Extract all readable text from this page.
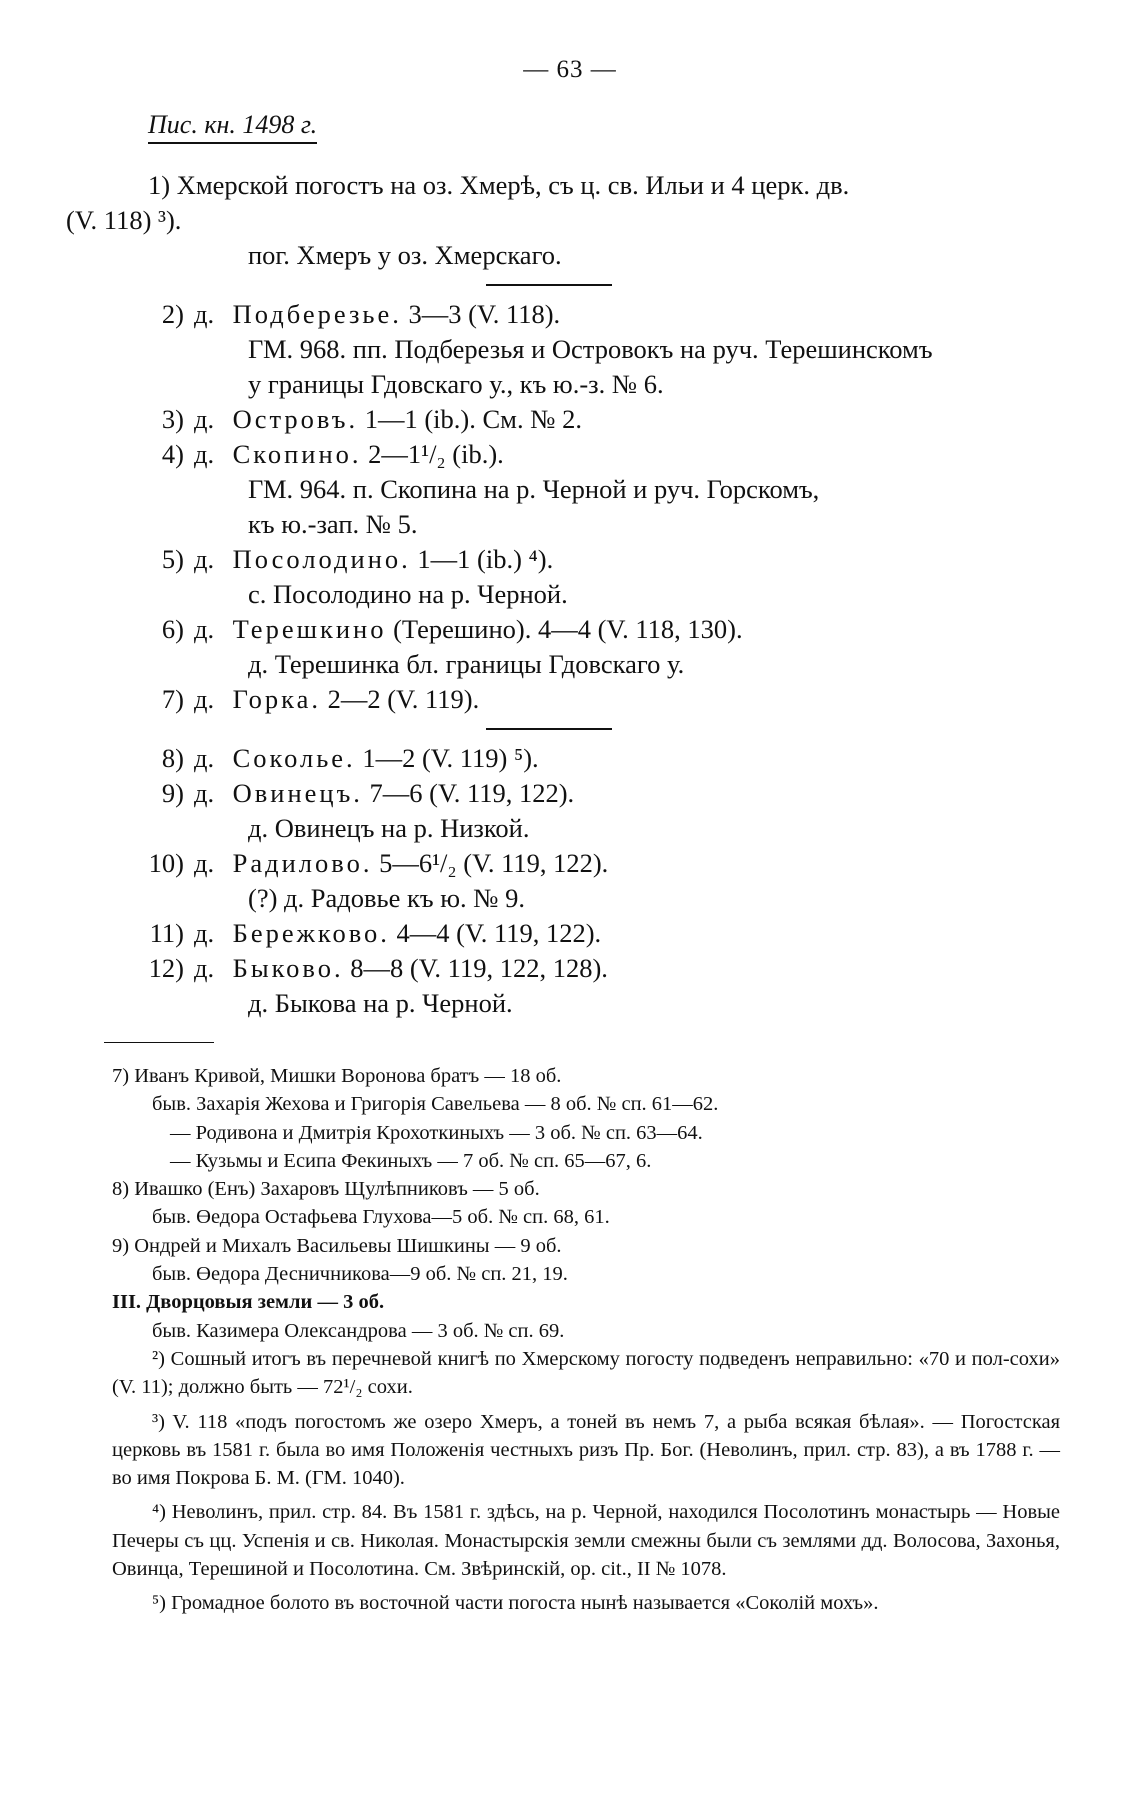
— 63 —
Пис. кн. 1498 г.
1) Хмерской погостъ на оз. Хмерѣ, съ ц. св. Ильи и 4 церк. дв.
(V. 118) ³).
пог. Хмеръ у оз. Хмерскаго.
2) д. Подберезье. 3—3 (V. 118).
ГМ. 968. пп. Подберезья и Островокъ на руч. Терешинскомъ
у границы Гдовскаго у., къ ю.-з. № 6.
3) д. Островъ. 1—1 (ib.). См. № 2.
4) д. Скопино. 2—1¹/₂ (ib.).
ГМ. 964. п. Скопина на р. Черной и руч. Горскомъ,
къ ю.-зап. № 5.
5) д. Посолодино. 1—1 (ib.) ⁴).
с. Посолодино на р. Черной.
6) д. Терешкино (Терешино). 4—4 (V. 118, 130).
д. Терешинка бл. границы Гдовскаго у.
7) д. Горка. 2—2 (V. 119).
8) д. Соколье. 1—2 (V. 119) ⁵).
9) д. Овинецъ. 7—6 (V. 119, 122).
д. Овинецъ на р. Низкой.
10) д. Радилово. 5—6¹/₂ (V. 119, 122).
(?) д. Радовье къ ю. № 9.
11) д. Бережково. 4—4 (V. 119, 122).
12) д. Быково. 8—8 (V. 119, 122, 128).
д. Быкова на р. Черной.
7) Иванъ Кривой, Мишки Воронова братъ — 18 об.
быв. Захарія Жехова и Григорія Савельева — 8 об. № сп. 61—62.
— Родивона и Дмитрія Крохоткиныхъ — 3 об. № сп. 63—64.
— Кузьмы и Есипа Фекиныхъ — 7 об. № сп. 65—67, 6.
8) Ивашко (Енъ) Захаровъ Щулѣпниковъ — 5 об.
быв. Өедора Остафьева Глухова—5 об. № сп. 68, 61.
9) Ондрей и Михалъ Васильевы Шишкины — 9 об.
быв. Өедора Десничникова—9 об. № сп. 21, 19.
III. Дворцовыя земли — 3 об.
быв. Казимера Олександрова — 3 об. № сп. 69.

²) Сошный итогъ въ перечневой книгѣ по Хмерскому погосту подведенъ неправильно: «70 и пол-сохи» (V. 11); должно быть — 72¹/₂ сохи.

³) V. 118 «подъ погостомъ же озеро Хмеръ, а тоней въ немъ 7, а рыба всякая бѣлая». — Погостская церковь въ 1581 г. была во имя Положенія честныхъ ризъ Пр. Бог. (Неволинъ, прил. стр. 83), а въ 1788 г. — во имя Покрова Б. М. (ГМ. 1040).

⁴) Неволинъ, прил. стр. 84. Въ 1581 г. здѣсь, на р. Черной, находился Посолотинъ монастырь — Новые Печеры съ цц. Успенія и св. Николая. Монастырскія земли смежны были съ землями дд. Волосова, Захонья, Овинца, Терешиной и Посолотина. См. Звѣринскій, op. cit., II № 1078.

⁵) Громадное болото въ восточной части погоста нынѣ называется «Соколій мохъ».
